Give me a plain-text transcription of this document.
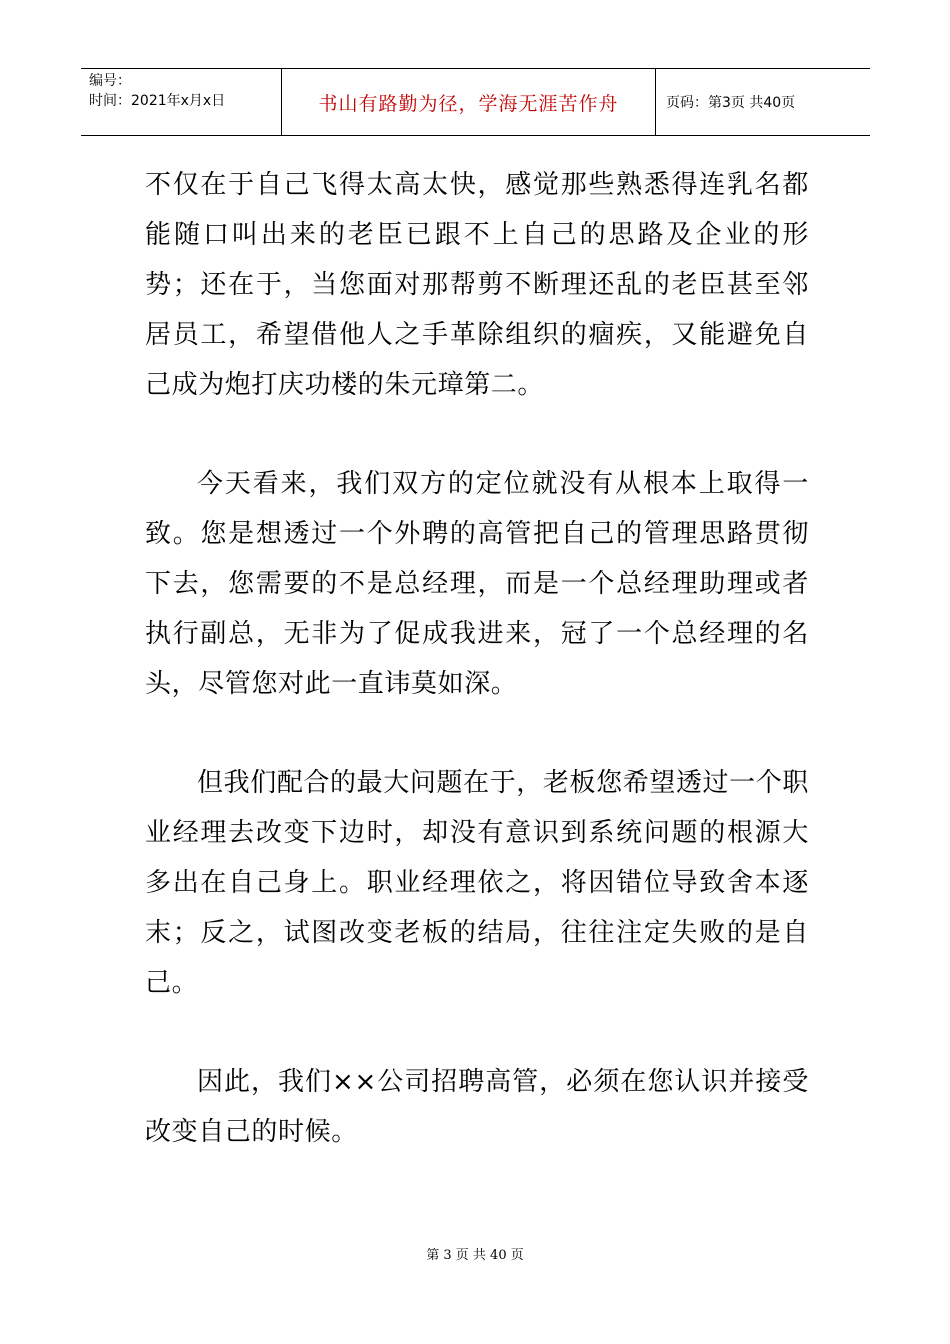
编号：
时间：2021年x月x日	书山有路勤为径，学海无涯苦作舟	页码：第3页 共40页

不仅在于自己飞得太高太快，感觉那些熟悉得连乳名都能随口叫出来的老臣已跟不上自己的思路及企业的形势；还在于，当您面对那帮剪不断理还乱的老臣甚至邻居员工，希望借他人之手革除组织的痼疾，又能避免自己成为炮打庆功楼的朱元璋第二。

今天看来，我们双方的定位就没有从根本上取得一致。您是想透过一个外聘的高管把自己的管理思路贯彻下去，您需要的不是总经理，而是一个总经理助理或者执行副总，无非为了促成我进来，冠了一个总经理的名头，尽管您对此一直讳莫如深。

但我们配合的最大问题在于，老板您希望透过一个职业经理去改变下边时，却没有意识到系统问题的根源大多出在自己身上。职业经理依之，将因错位导致舍本逐末；反之，试图改变老板的结局，往往注定失败的是自己。

因此，我们××公司招聘高管，必须在您认识并接受改变自己的时候。

第 3 页 共 40 页
